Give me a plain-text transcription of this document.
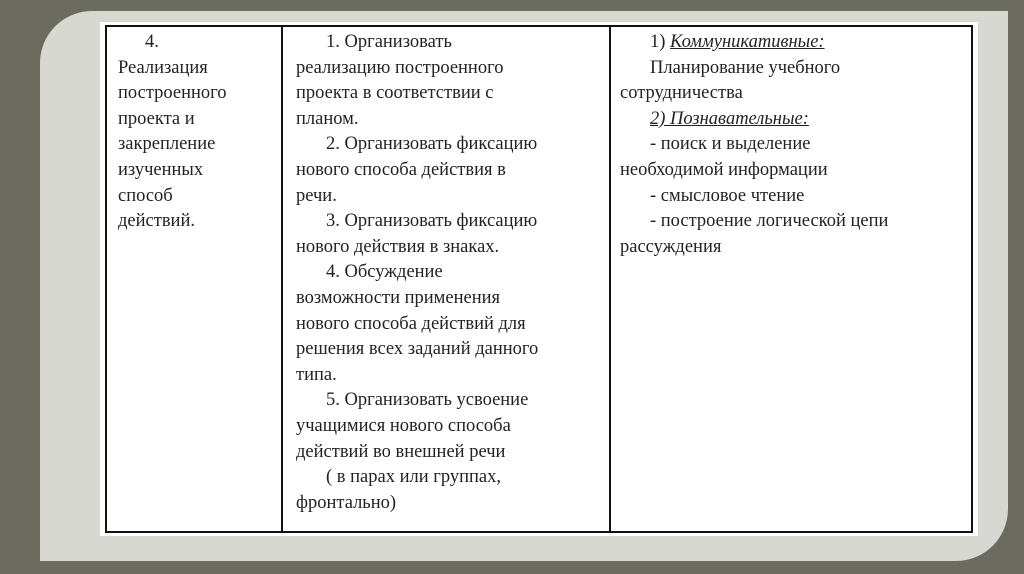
4.
Реализация
построенного
проекта и
закрепление
изученных
способ
действий.
1. Организовать
реализацию построенного
проекта в соответствии с
планом.
2. Организовать фиксацию
нового способа действия в
речи.
3. Организовать фиксацию
нового действия в знаках.
4. Обсуждение
возможности применения
нового способа действий для
решения всех заданий данного
типа.
5. Организовать усвоение
учащимися нового способа
действий во внешней речи
( в парах или группах,
фронтально)
1) Коммуникативные:
Планирование учебного
сотрудничества
2) Познавательные:
- поиск и выделение
необходимой информации
- смысловое чтение
- построение логической цепи
рассуждения
